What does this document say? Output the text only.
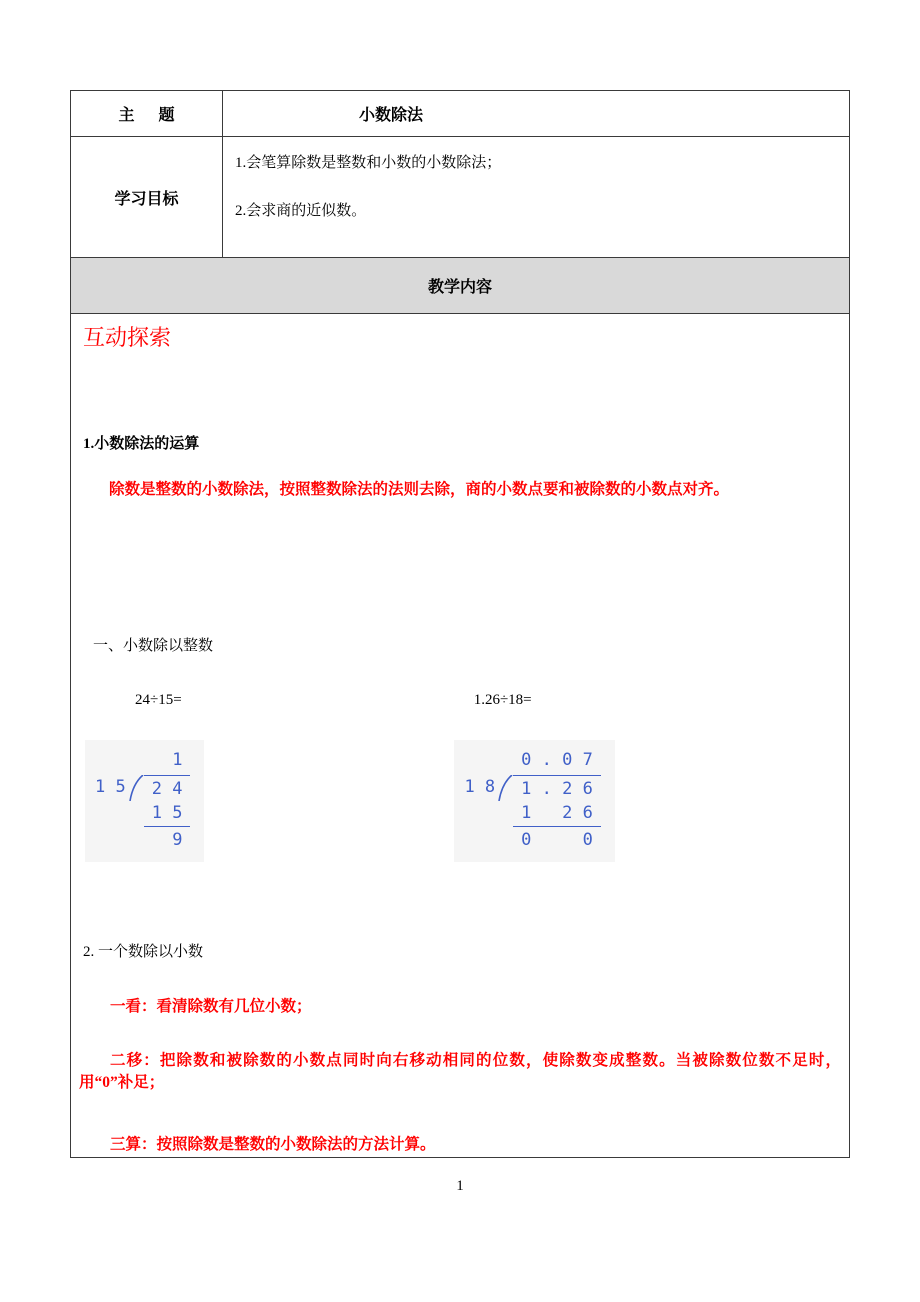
主      题	小数除法
学习目标	1.会笔算除数是整数和小数的小数除法；

2.会求商的近似数。

教学内容	
互动探索
1.小数除法的运算
除数是整数的小数除法，按照整数除法的法则去除，商的小数点要和被除数的小数点对齐。
一、小数除以整数
24÷15=	1.26÷18=
1
1 5	2 4
1 5
9
0 . 0 7
1 8	1 . 2 6
1   2 6
0     0
2. 一个数除以小数

一看：看清除数有几位小数；

二移：把除数和被除数的小数点同时向右移动相同的位数，使除数变成整数。当被除数位数不足时，用“0”补足；

三算：按照除数是整数的小数除法的方法计算。

1
